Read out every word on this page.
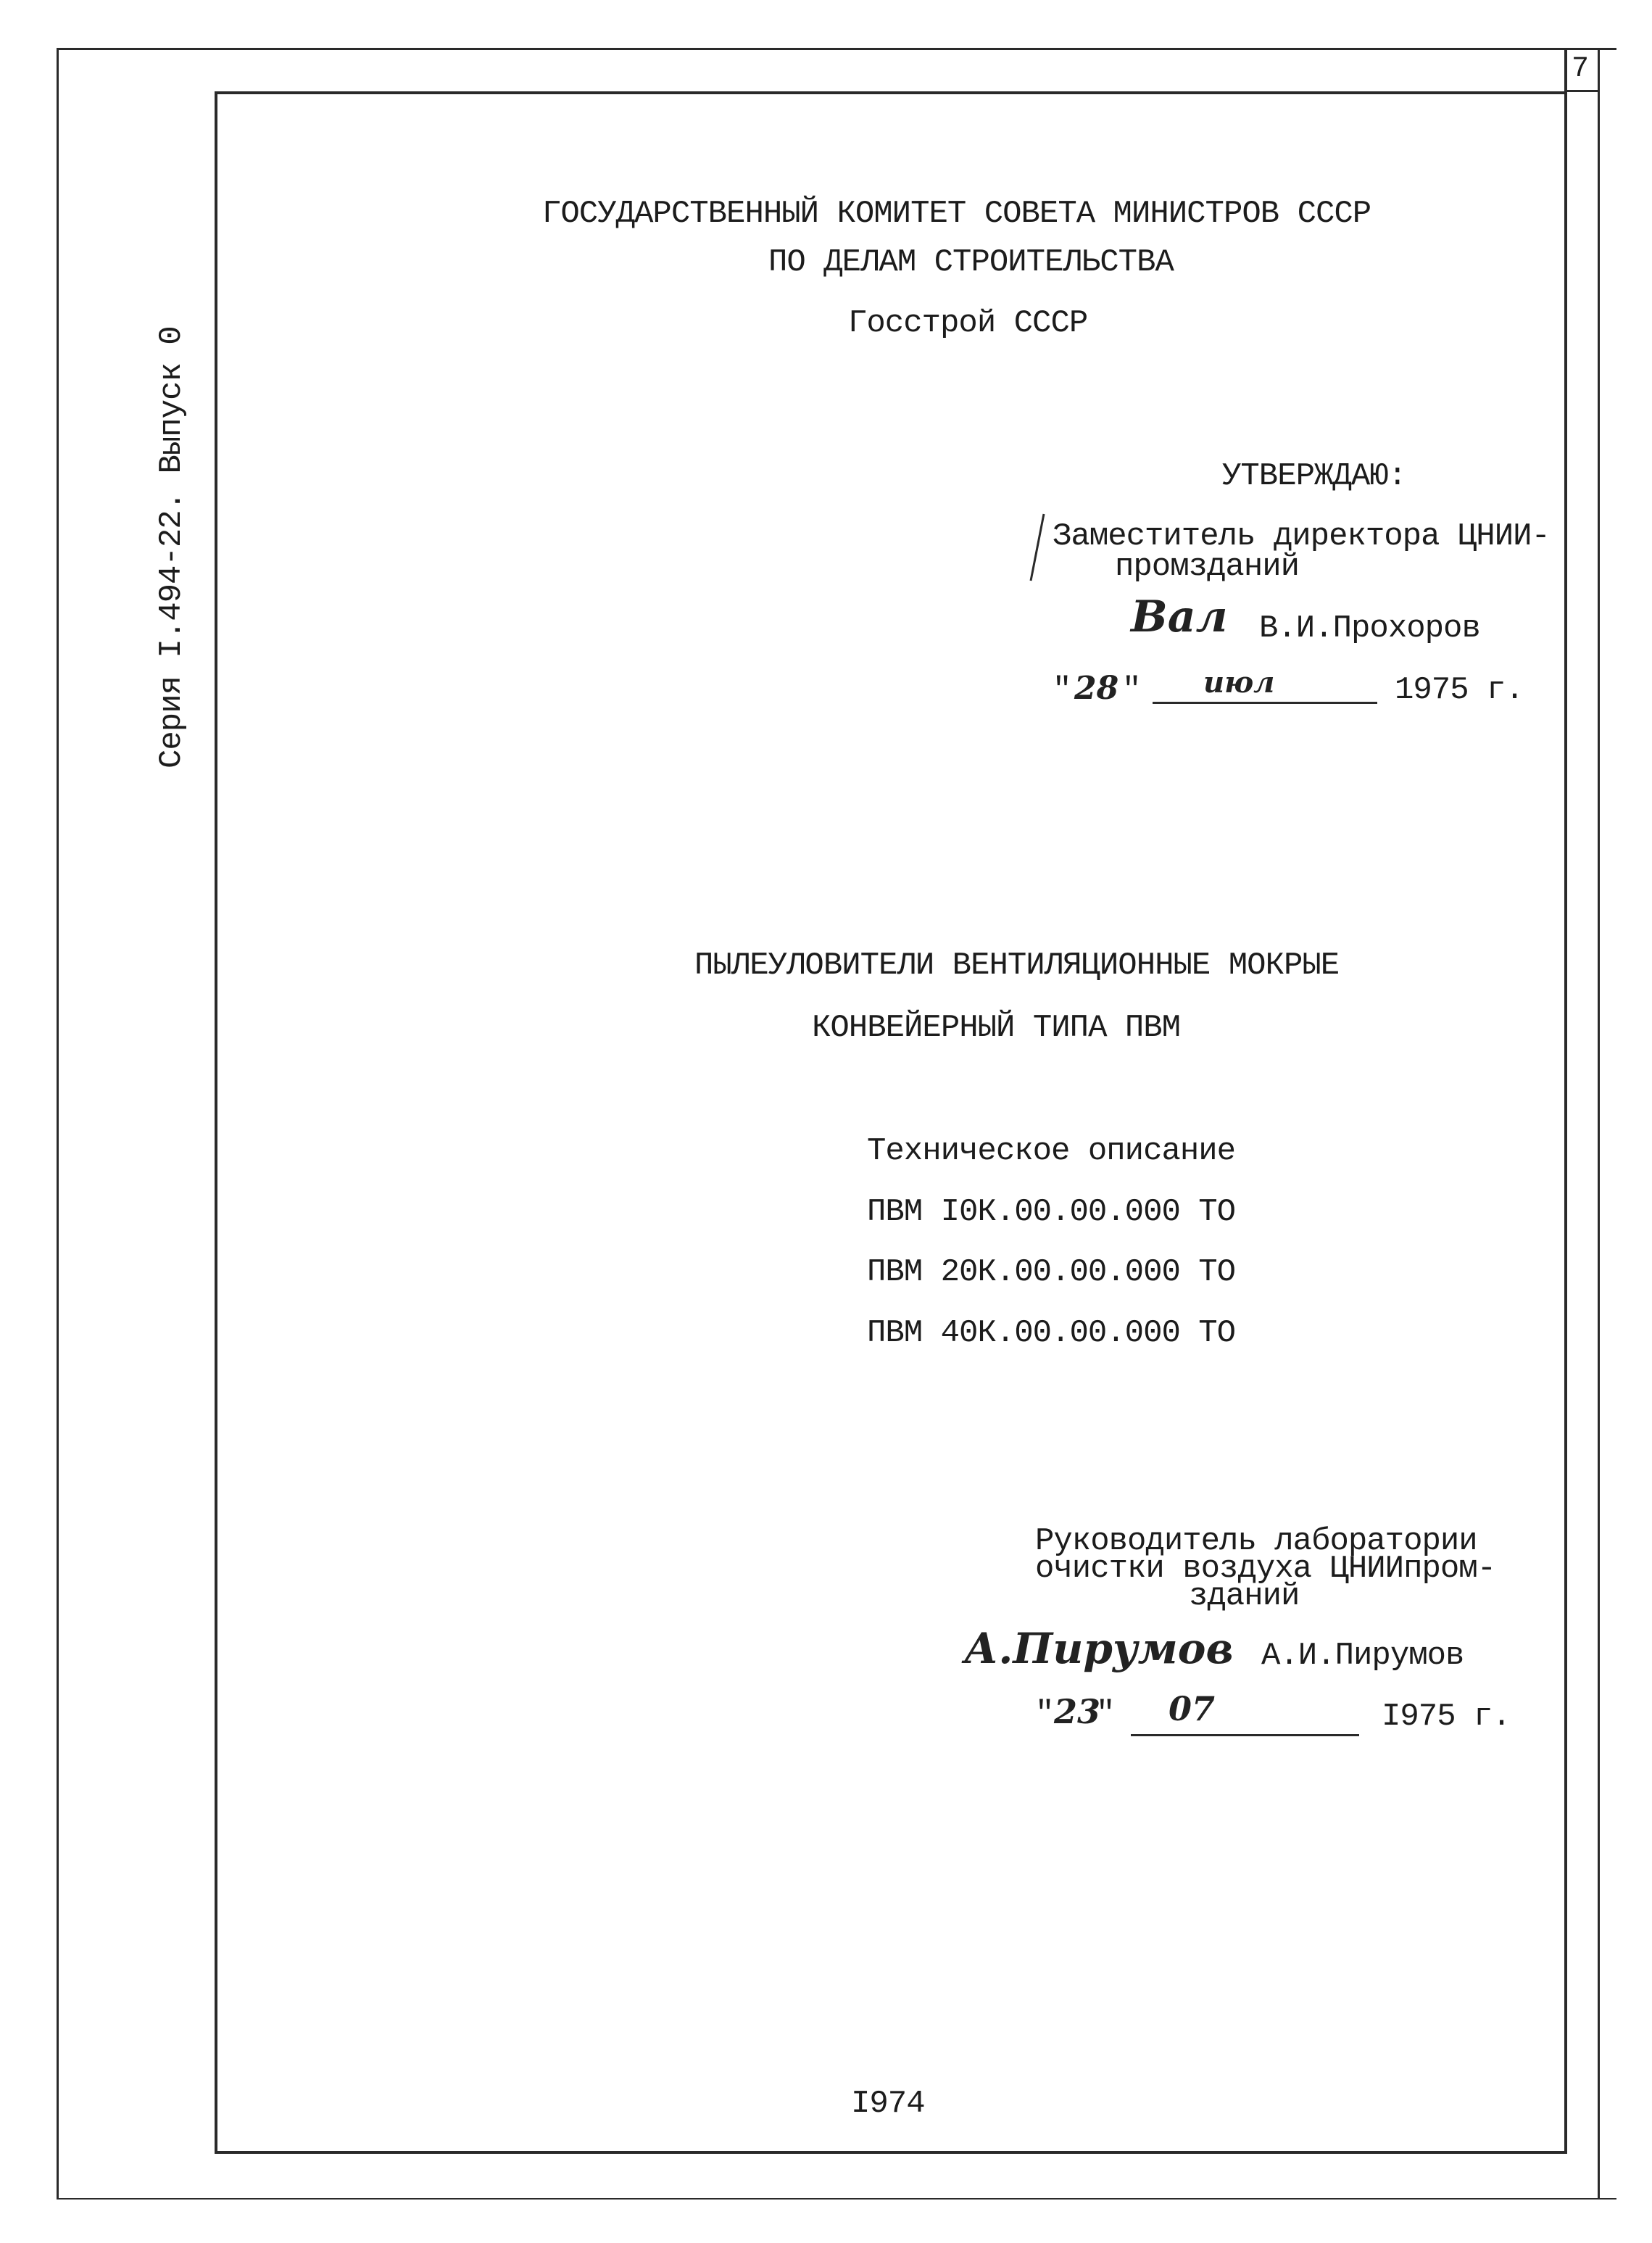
7
Серия I.494-22. Выпуск 0
ГОСУДАРСТВЕННЫЙ КОМИТЕТ СОВЕТА МИНИСТРОВ СССР
ПО ДЕЛАМ СТРОИТЕЛЬСТВА
Госстрой СССР
УТВЕРЖДАЮ:
Заместитель директора ЦНИИ-
промзданий
Вал В.И.Прохоров
" 28 " июл	1975 г.
ПЫЛЕУЛОВИТЕЛИ ВЕНТИЛЯЦИОННЫЕ МОКРЫЕ
КОНВЕЙЕРНЫЙ ТИПА ПВМ
Техническое описание
ПВМ I0К.00.00.000 ТО
ПВМ 20К.00.00.000 ТО
ПВМ 40К.00.00.000 ТО
Руководитель лаборатории
очистки воздуха ЦНИИпром-
зданий
А.Пирумов А.И.Пирумов
" 23
" 07	I975 г.
I974
